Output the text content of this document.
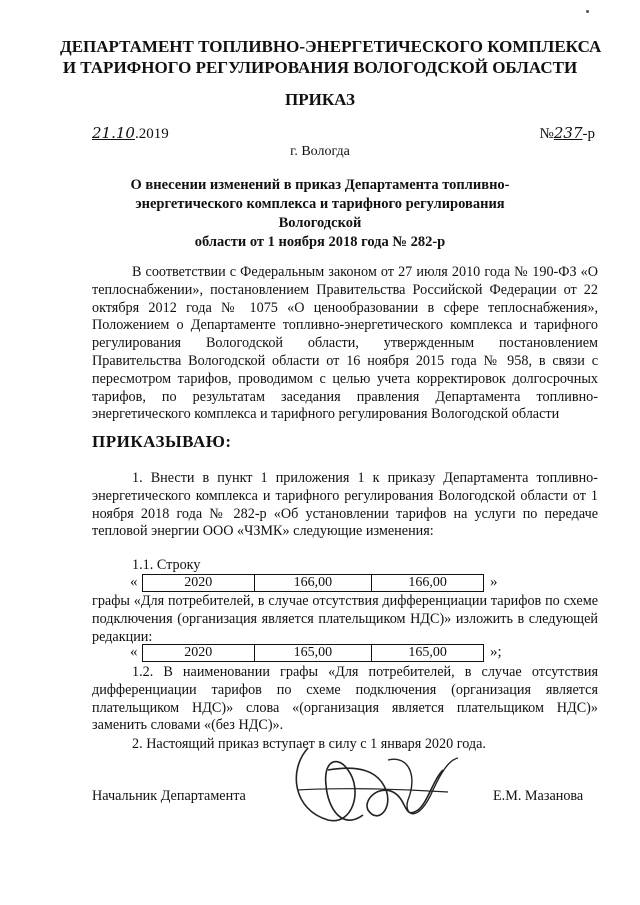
ДЕПАРТАМЕНТ ТОПЛИВНО-ЭНЕРГЕТИЧЕСКОГО КОМПЛЕКСА
И ТАРИФНОГО РЕГУЛИРОВАНИЯ ВОЛОГОДСКОЙ ОБЛАСТИ
ПРИКАЗ
21.10.2019	№237-р
г. Вологда
О внесении изменений в приказ Департамента топливно-
энергетического комплекса и тарифного регулирования Вологодской
области от 1 ноября 2018 года № 282-р
В соответствии с Федеральным законом от 27 июля 2010 года № 190-ФЗ «О теплоснабжении», постановлением Правительства Российской Федерации от 22 октября 2012 года № 1075 «О ценообразовании в сфере теплоснабжения», Положением о Департаменте топливно-энергетического комплекса и тарифного регулирования Вологодской области, утвержденным постановлением Правительства Вологодской области от 16 ноября 2015 года № 958, в связи с пересмотром тарифов, проводимом с целью учета корректировок долгосрочных тарифов, по результатам заседания правления Департамента топливно-энергетического комплекса и тарифного регулирования Вологодской области
ПРИКАЗЫВАЮ:
1. Внести в пункт 1 приложения 1 к приказу Департамента топливно-энергетического комплекса и тарифного регулирования Вологодской области от 1 ноября 2018 года № 282-р «Об установлении тарифов на услуги по передаче тепловой энергии ООО «ЧЗМК» следующие изменения:
1.1. Строку
«	2020	166,00	166,00	»
графы «Для потребителей, в случае отсутствия дифференциации тарифов по схеме подключения (организация является плательщиком НДС)» изложить в следующей редакции:
«	2020	165,00	165,00	»;
1.2. В наименовании графы «Для потребителей, в случае отсутствия дифференциации тарифов по схеме подключения (организация является плательщиком НДС)» слова «(организация является плательщиком НДС)» заменить словами «(без НДС)».
2. Настоящий приказ вступает в силу с 1 января 2020 года.
Начальник Департамента	Е.М. Мазанова
